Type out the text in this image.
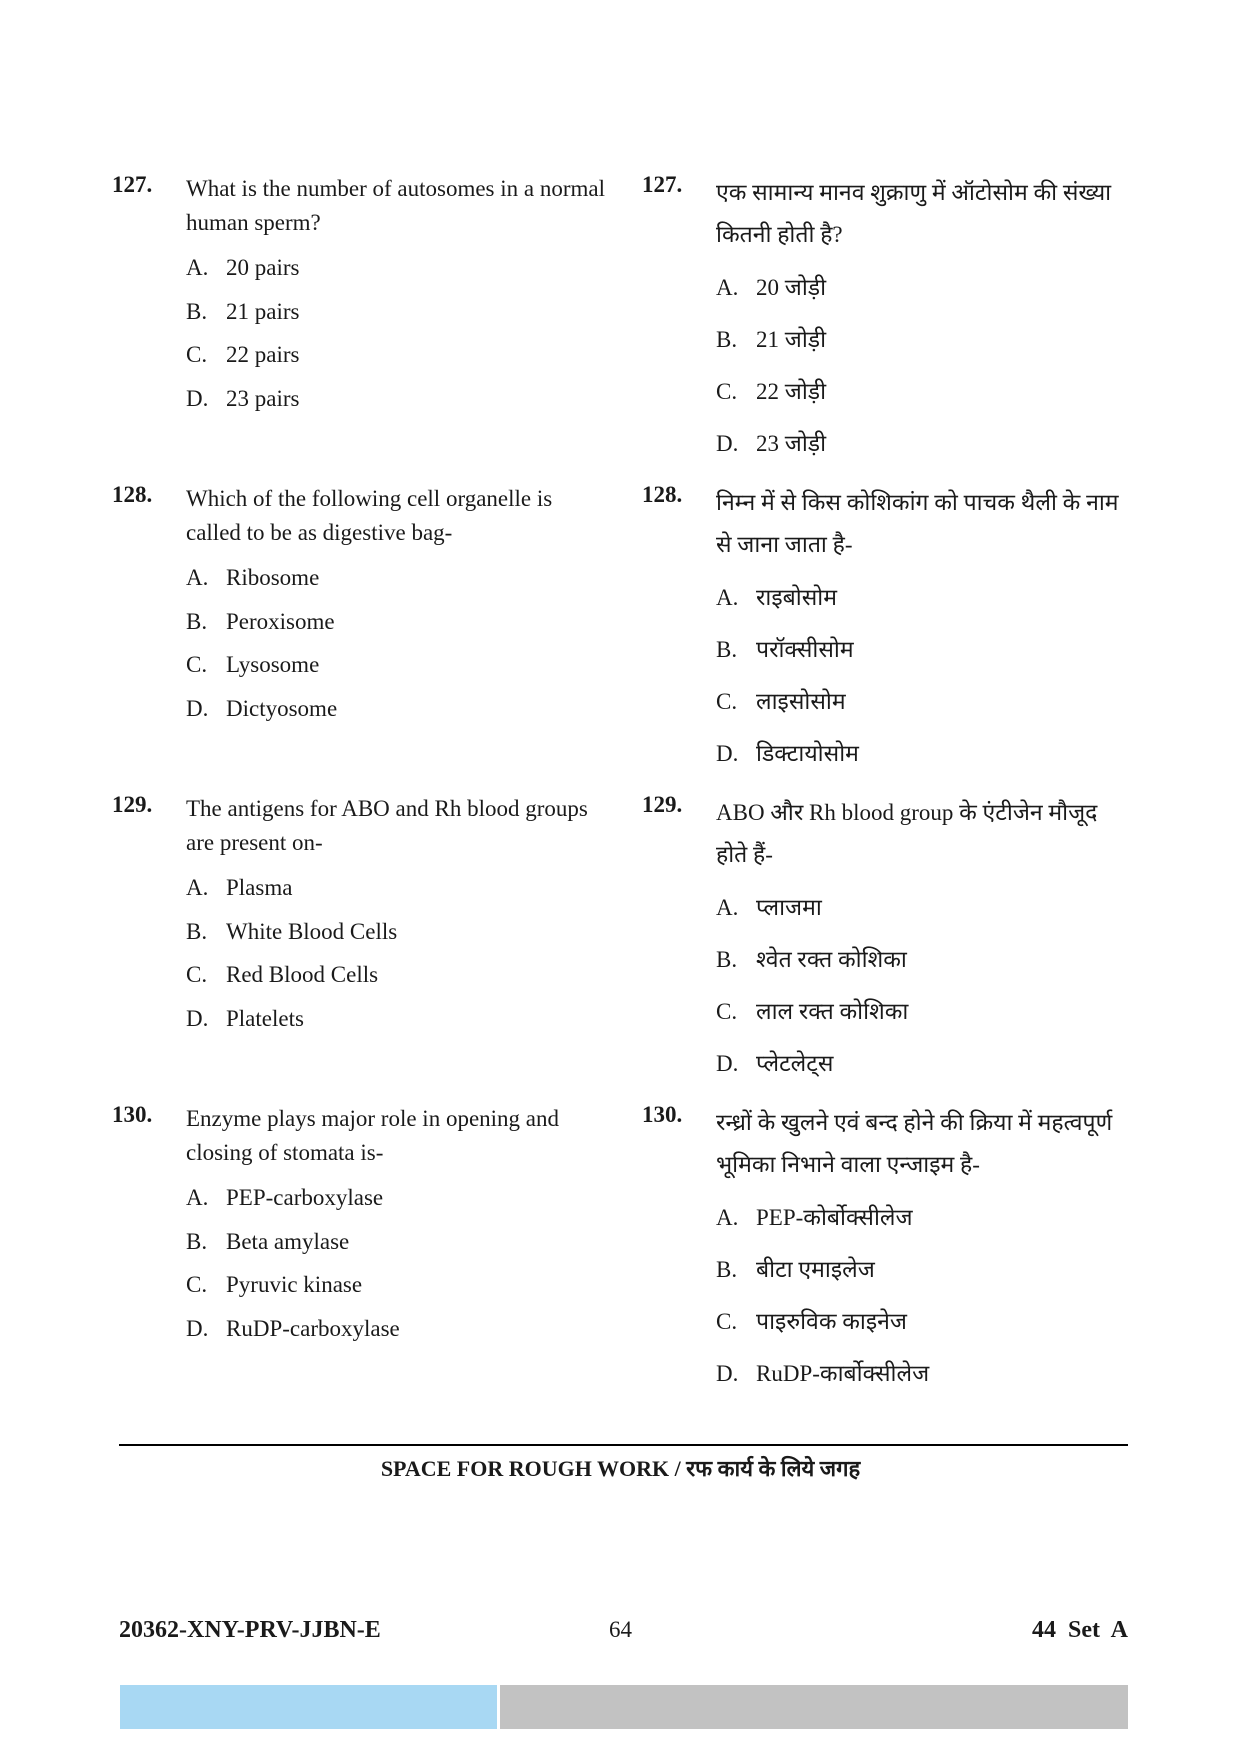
127. What is the number of autosomes in a normal human sperm?
A. 20 pairs
B. 21 pairs
C. 22 pairs
D. 23 pairs
128. Which of the following cell organelle is called to be as digestive bag-
A. Ribosome
B. Peroxisome
C. Lysosome
D. Dictyosome
129. The antigens for ABO and Rh blood groups are present on-
A. Plasma
B. White Blood Cells
C. Red Blood Cells
D. Platelets
130. Enzyme plays major role in opening and closing of stomata is-
A. PEP-carboxylase
B. Beta amylase
C. Pyruvic kinase
D. RuDP-carboxylase
127. एक सामान्य मानव शुक्राणु में ऑटोसोम की संख्या कितनी होती है?
A. 20 जोड़ी
B. 21 जोड़ी
C. 22 जोड़ी
D. 23 जोड़ी
128. निम्न में से किस कोशिकांग को पाचक थैली के नाम से जाना जाता है-
A. राइबोसोम
B. परॉक्सीसोम
C. लाइसोसोम
D. डिक्टायोसोम
129. ABO और Rh blood group के एंटीजेन मौजूद होते हैं-
A. प्लाजमा
B. श्वेत रक्त कोशिका
C. लाल रक्त कोशिका
D. प्लेटलेट्स
130. रन्ध्रों के खुलने एवं बन्द होने की क्रिया में महत्वपूर्ण भूमिका निभाने वाला एन्जाइम है-
A. PEP-कोर्बोक्सीलेज
B. बीटा एमाइलेज
C. पाइरुविक काइनेज
D. RuDP-कार्बोक्सीलेज
SPACE FOR ROUGH WORK / रफ कार्य के लिये जगह
20362-XNY-PRV-JJBN-E	64	44 Set A
